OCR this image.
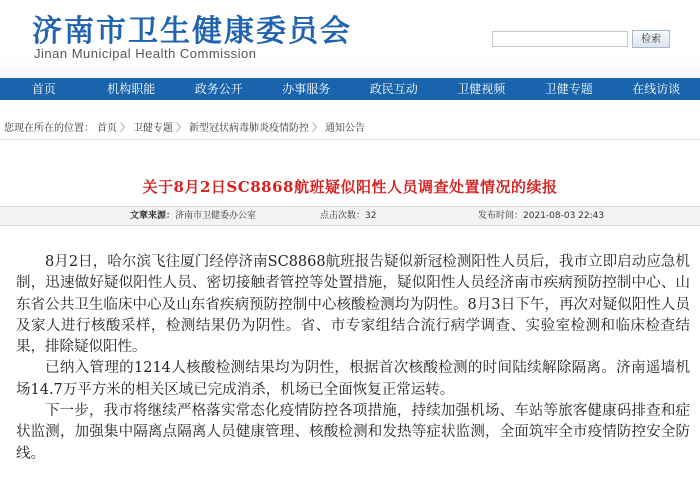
济南市卫生健康委员会
Jinan Municipal Health Commission
检索
首页	机构职能	政务公开	办事服务	政民互动	卫健视频	卫健专题	在线访谈
您现在所在的位置： 首页 〉 卫健专题 〉 新型冠状病毒肺炎疫情防控 〉 通知公告
关于8月2日SC8868航班疑似阳性人员调查处置情况的续报
文章来源：济南市卫健委办公室	点击次数：32	发布时间：2021-08-03 22:43

8月2日，哈尔滨飞往厦门经停济南SC8868航班报告疑似新冠检测阳性人员后，我市立即启动应急机制，迅速做好疑似阳性人员、密切接触者管控等处置措施，疑似阳性人员经济南市疾病预防控制中心、山东省公共卫生临床中心及山东省疾病预防控制中心核酸检测均为阴性。8月3日下午，再次对疑似阳性人员及家人进行核酸采样，检测结果仍为阴性。省、市专家组结合流行病学调查、实验室检测和临床检查结果，排除疑似阳性。

已纳入管理的1214人核酸检测结果均为阴性，根据首次核酸检测的时间陆续解除隔离。济南遥墙机场14.7万平方米的相关区域已完成消杀，机场已全面恢复正常运转。

下一步，我市将继续严格落实常态化疫情防控各项措施，持续加强机场、车站等旅客健康码排查和症状监测，加强集中隔离点隔离人员健康管理、核酸检测和发热等症状监测，全面筑牢全市疫情防控安全防线。
